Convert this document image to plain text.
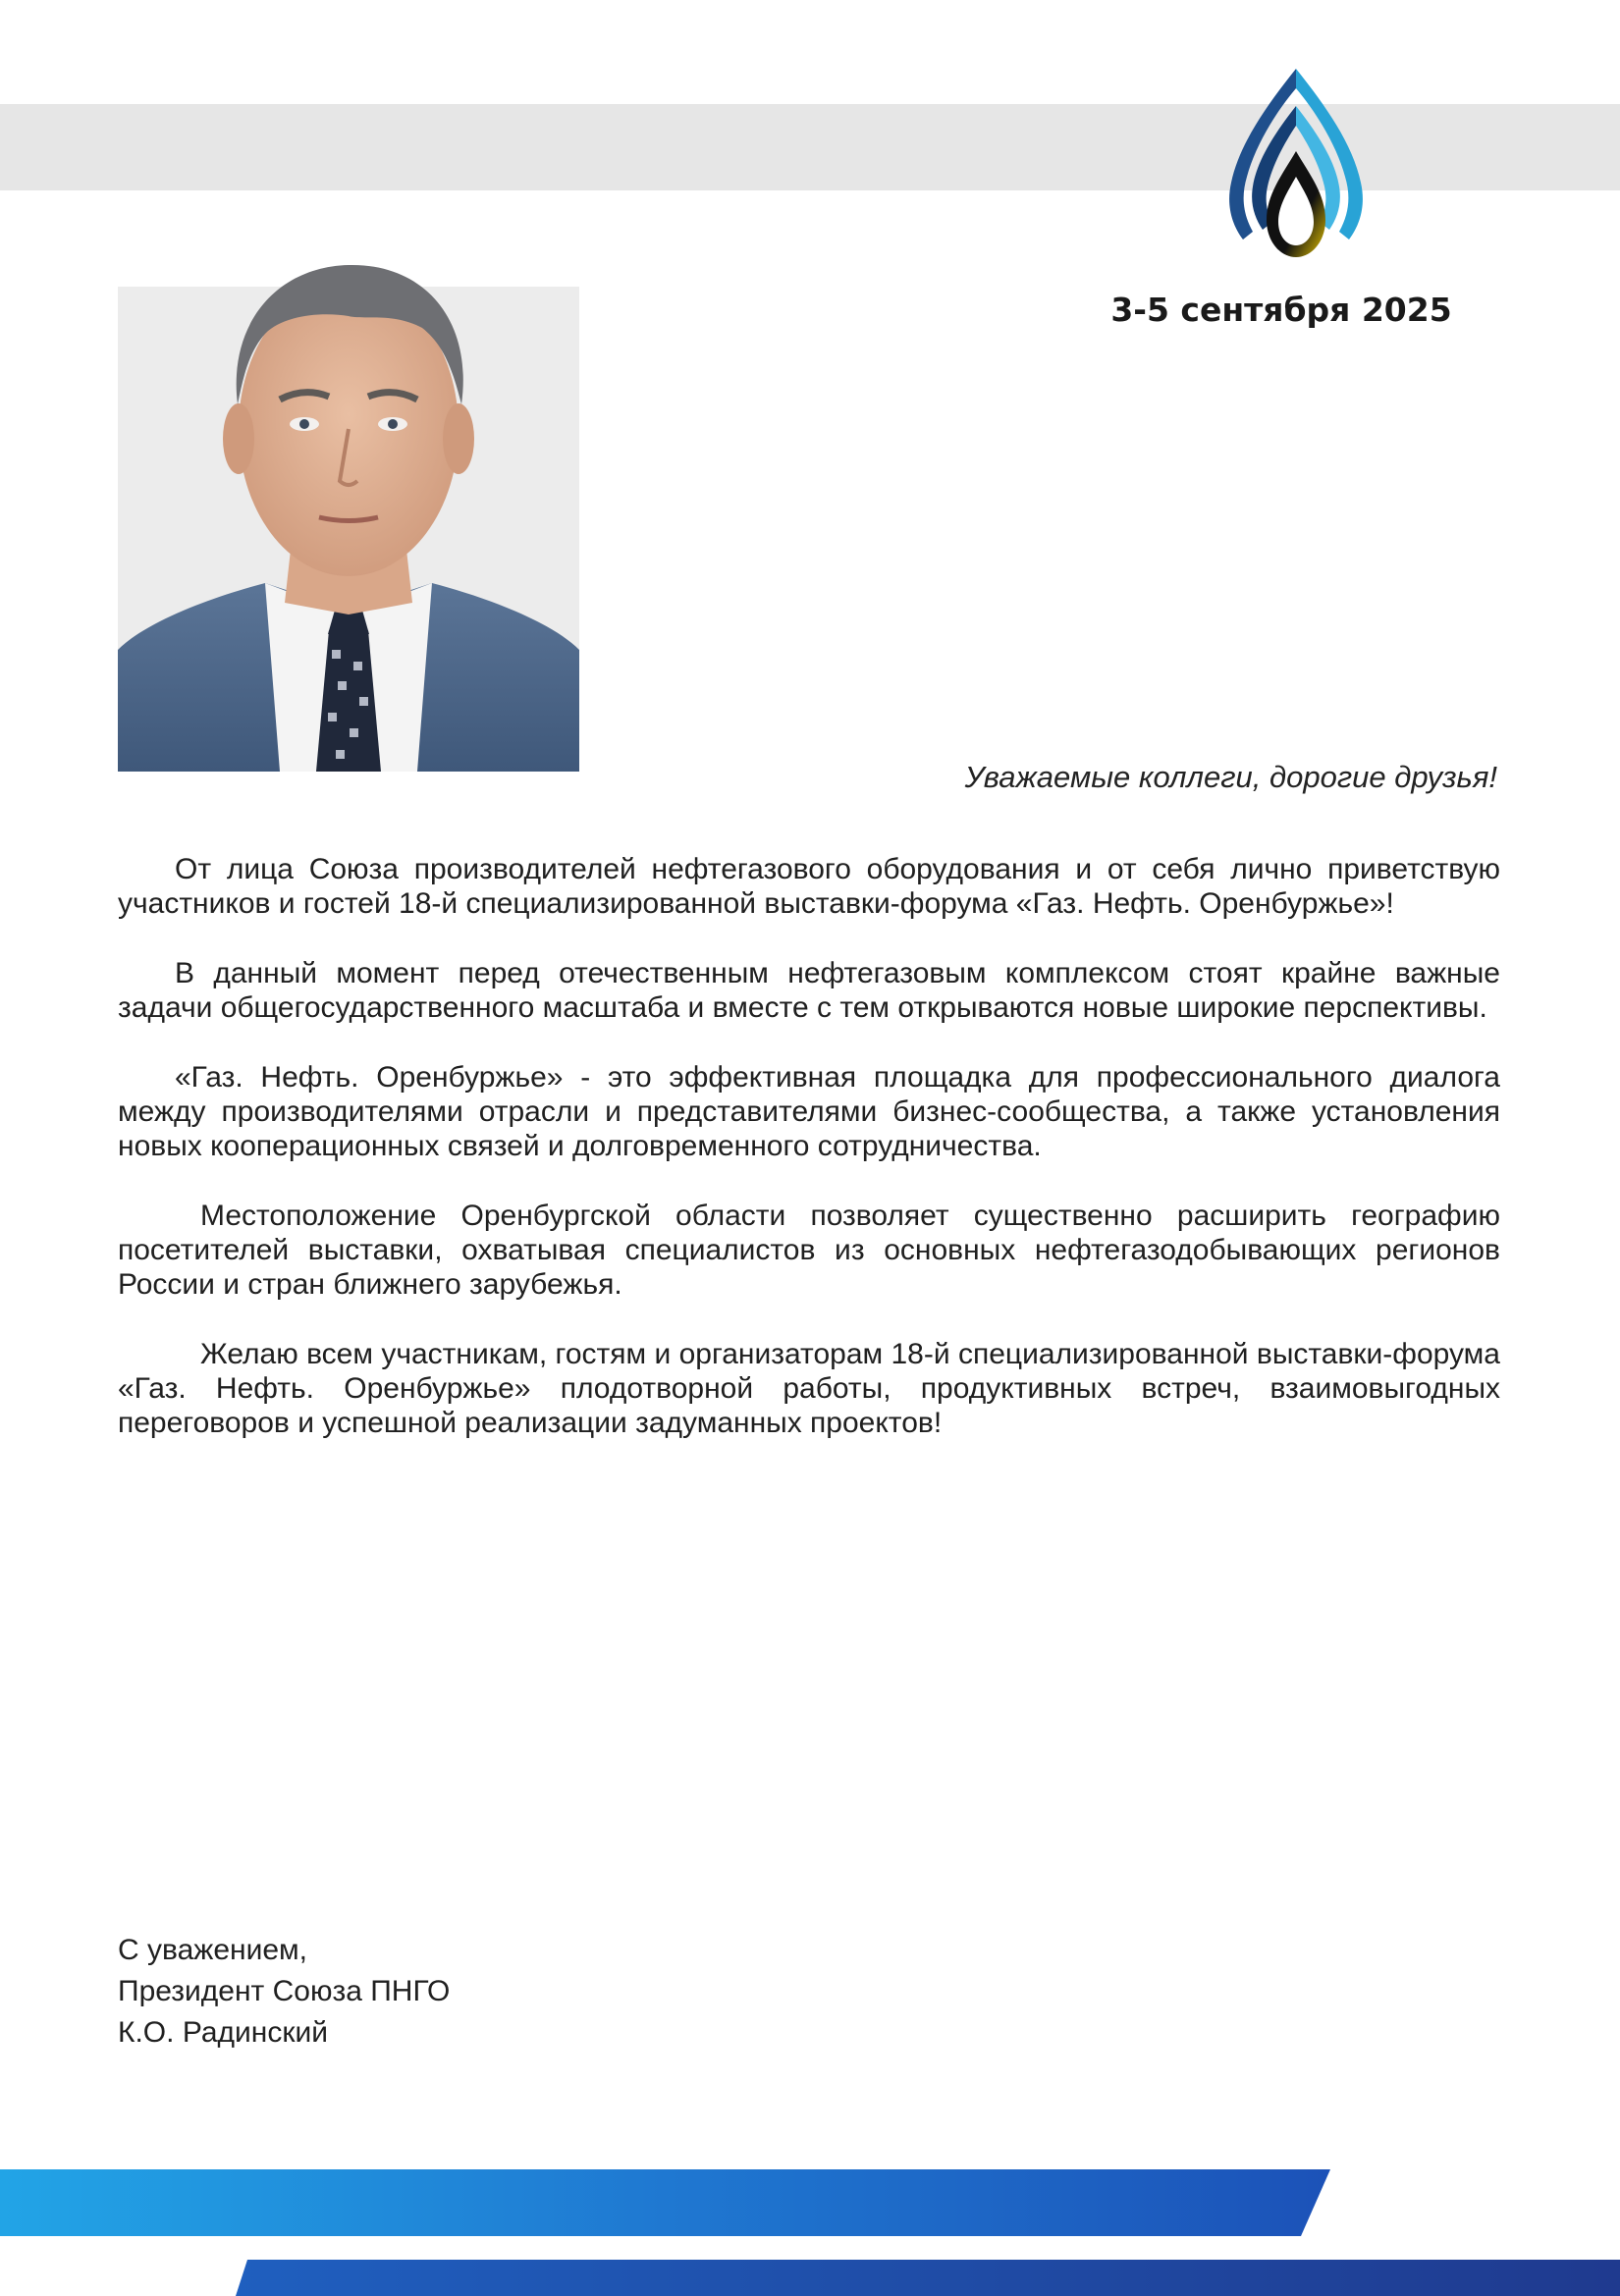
3-5 сентября 2025
Уважаемые коллеги, дорогие друзья!

От лица Союза производителей нефтегазового оборудования и от себя лично приветствую участников и гостей 18-й специализированной выставки-форума «Газ. Нефть. Оренбуржье»!

В данный момент перед отечественным нефтегазовым комплексом стоят крайне важные задачи общегосударственного масштаба и вместе с тем открываются новые широкие перспективы.

«Газ. Нефть. Оренбуржье» - это эффективная площадка для профессионального диалога между производителями отрасли и представителями бизнес-сообщества, а также установления новых кооперационных связей и долговременного сотрудничества.

Местоположение Оренбургской области позволяет существенно расширить географию посетителей выставки, охватывая специалистов из основных нефтегазодобывающих регионов России и стран ближнего зарубежья.

Желаю всем участникам, гостям и организаторам 18-й специализированной выставки-форума «Газ. Нефть. Оренбуржье» плодотворной работы, продуктивных встреч, взаимовыгодных переговоров и успешной реализации задуманных проектов!

С уважением,
Президент Союза ПНГО
К.О. Радинский
